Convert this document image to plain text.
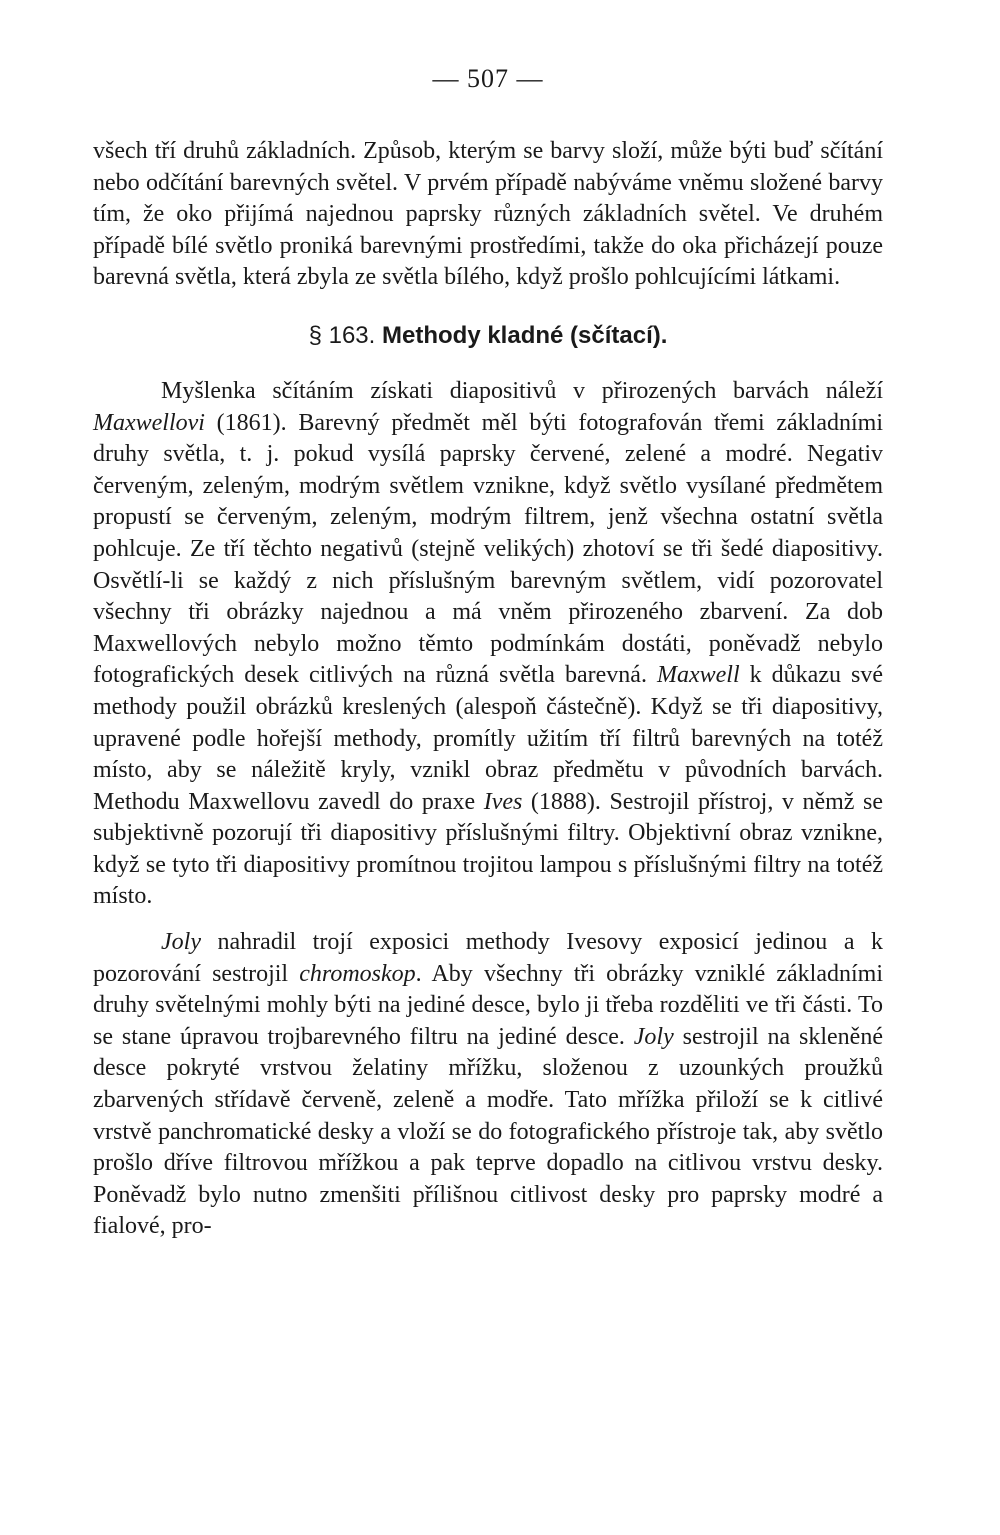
— 507 —

všech tří druhů základních. Způsob, kterým se barvy složí, může býti buď sčítání nebo odčítání barevných světel. V prvém případě nabýváme vněmu složené barvy tím, že oko přijímá najednou paprsky různých základních světel. Ve druhém případě bílé světlo proniká barevnými prostředími, takže do oka přicházejí pouze barevná světla, která zbyla ze světla bílého, když prošlo pohlcujícími látkami.

§ 163. Methody kladné (sčítací).

Myšlenka sčítáním získati diapositivů v přirozených barvách náleží Maxwellovi (1861). Barevný předmět měl býti fotografován třemi základními druhy světla, t. j. pokud vysílá paprsky červené, zelené a modré. Negativ červeným, zeleným, modrým světlem vznikne, když světlo vysílané předmětem propustí se červeným, zeleným, modrým filtrem, jenž všechna ostatní světla pohlcuje. Ze tří těchto negativů (stejně velikých) zhotoví se tři šedé diapositivy. Osvětlí-li se každý z nich příslušným barevným světlem, vidí pozorovatel všechny tři obrázky najednou a má vněm přirozeného zbarvení. Za dob Maxwellových nebylo možno těmto podmínkám dostáti, poněvadž nebylo fotografických desek citlivých na různá světla barevná. Maxwell k důkazu své methody použil obrázků kreslených (alespoň částečně). Když se tři diapositivy, upravené podle hořejší methody, promítly užitím tří filtrů barevných na totéž místo, aby se náležitě kryly, vznikl obraz předmětu v původních barvách. Methodu Maxwellovu zavedl do praxe Ives (1888). Sestrojil přístroj, v němž se subjektivně pozorují tři diapositivy příslušnými filtry. Objektivní obraz vznikne, když se tyto tři diapositivy promítnou trojitou lampou s příslušnými filtry na totéž místo.

Joly nahradil trojí exposici methody Ivesovy exposicí jedinou a k pozorování sestrojil chromoskop. Aby všechny tři obrázky vzniklé základními druhy světelnými mohly býti na jediné desce, bylo ji třeba rozděliti ve tři části. To se stane úpravou trojbarevného filtru na jediné desce. Joly sestrojil na skleněné desce pokryté vrstvou želatiny mřížku, složenou z uzounkých proužků zbarvených střídavě červeně, zeleně a modře. Tato mřížka přiloží se k citlivé vrstvě panchromatické desky a vloží se do fotografického přístroje tak, aby světlo prošlo dříve filtrovou mřížkou a pak teprve dopadlo na citlivou vrstvu desky. Poněvadž bylo nutno zmenšiti přílišnou citlivost desky pro paprsky modré a fialové, pro-
